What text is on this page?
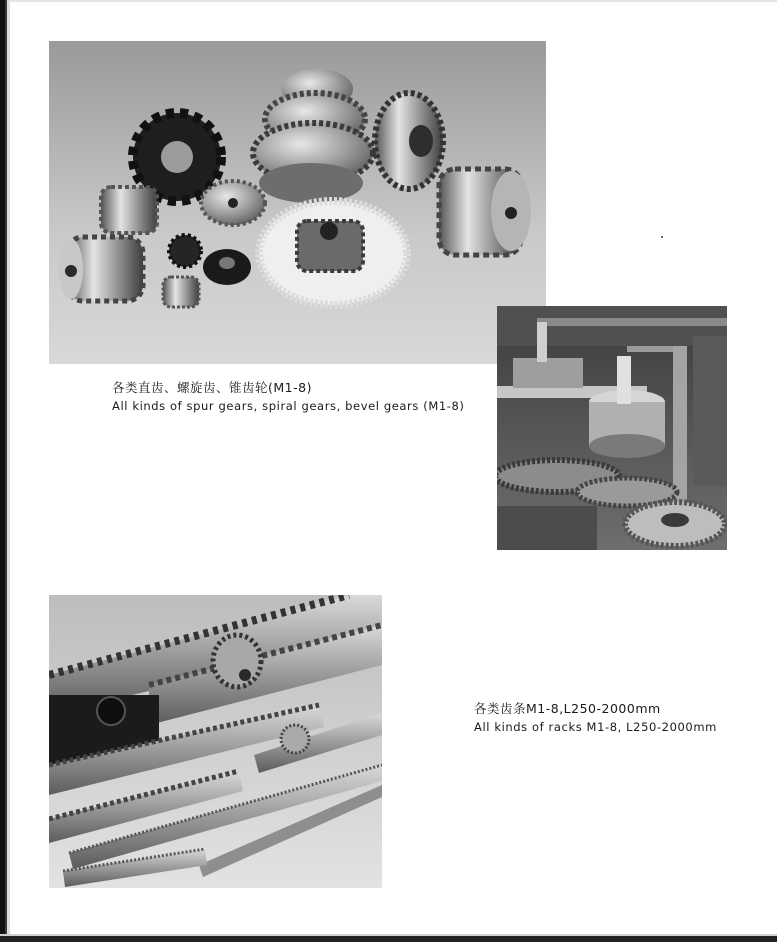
各类直齿、螺旋齿、锥齿轮(M1-8)
All kinds of spur gears, spiral gears, bevel gears (M1-8)
各类齿条M1-8,L250-2000mm
All kinds of racks M1-8, L250-2000mm
